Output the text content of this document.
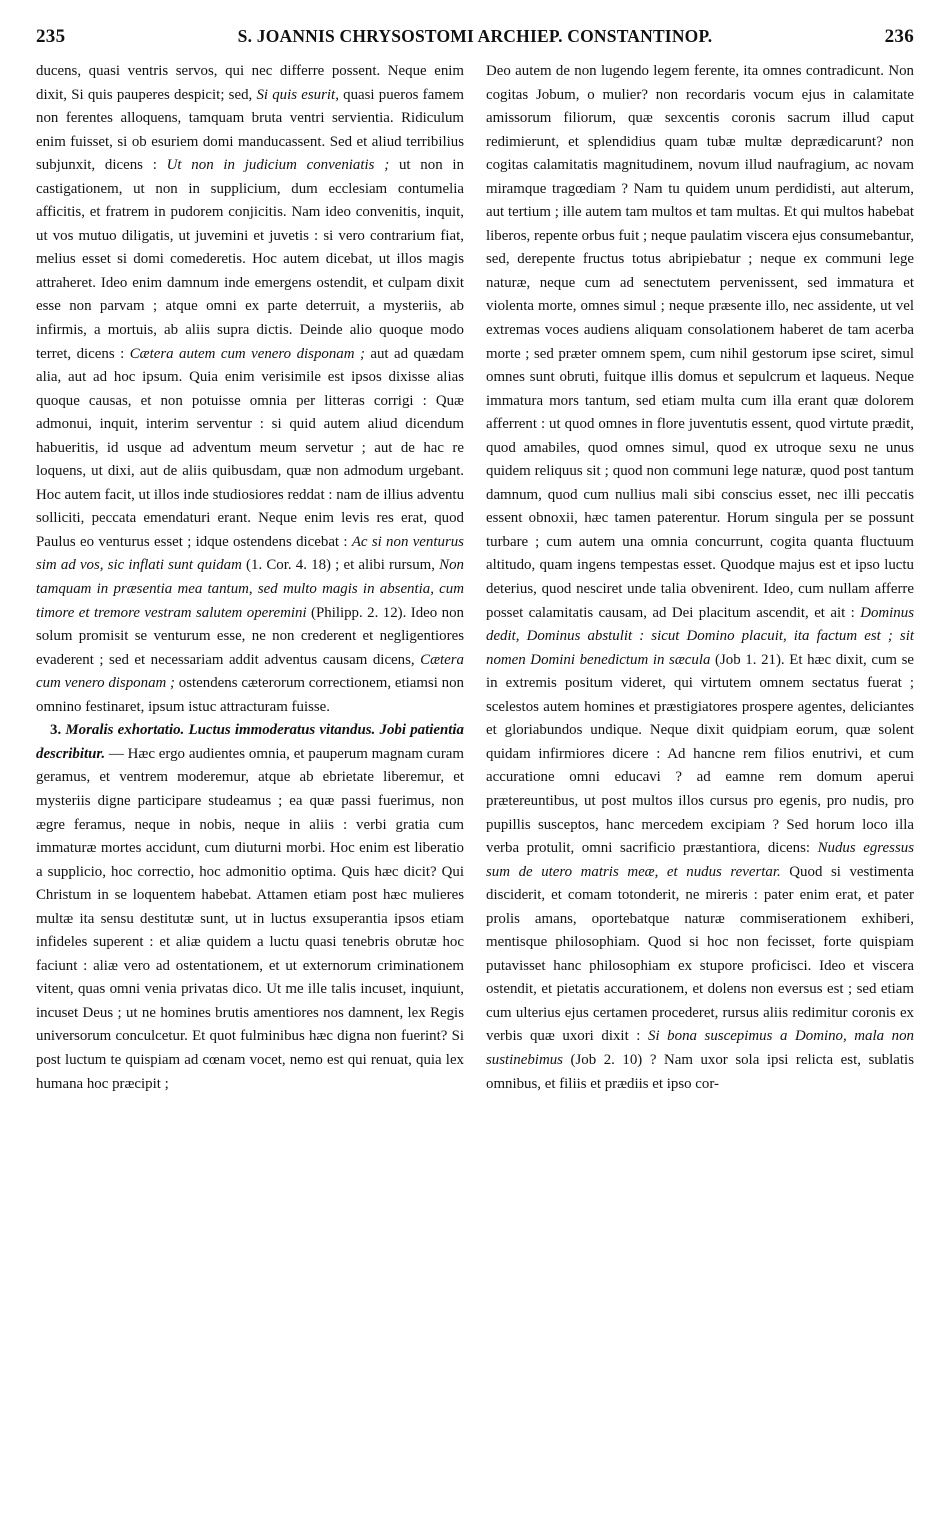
235	S. JOANNIS CHRYSOSTOMI ARCHIEP. CONSTANTINOP.	236

ducens, quasi ventris servos, qui nec differre possent. Neque enim dixit, Si quis pauperes despicit; sed, Si quis esurit, quasi pueros famem non ferentes alloquens, tamquam bruta ventri servientia. Ridiculum enim fuisset, si ob esuriem domi manducassent. Sed et aliud terribilius subjunxit, dicens : Ut non in judicium conveniatis ; ut non in castigationem, ut non in supplicium, dum ecclesiam contumelia afficitis, et fratrem in pudorem conjicitis. Nam ideo convenitis, inquit, ut vos mutuo diligatis, ut juvemini et juvetis : si vero contrarium fiat, melius esset si domi comederetis. Hoc autem dicebat, ut illos magis attraheret. Ideo enim damnum inde emergens ostendit, et culpam dixit esse non parvam ; atque omni ex parte deterruit, a mysteriis, ab infirmis, a mortuis, ab aliis supra dictis. Deinde alio quoque modo terret, dicens : Cætera autem cum venero disponam ; aut ad quædam alia, aut ad hoc ipsum. Quia enim verisimile est ipsos dixisse alias quoque causas, et non potuisse omnia per litteras corrigi : Quæ admonui, inquit, interim serventur : si quid autem aliud dicendum habueritis, id usque ad adventum meum servetur ; aut de hac re loquens, ut dixi, aut de aliis quibusdam, quæ non admodum urgebant. Hoc autem facit, ut illos inde studiosiores reddat : nam de illius adventu solliciti, peccata emendaturi erant. Neque enim levis res erat, quod Paulus eo venturus esset ; idque ostendens dicebat : Ac si non venturus sim ad vos, sic inflati sunt quidam (1. Cor. 4. 18) ; et alibi rursum, Non tamquam in præsentia mea tantum, sed multo magis in absentia, cum timore et tremore vestram salutem operemini (Philipp. 2. 12). Ideo non solum promisit se venturum esse, ne non crederent et negligentiores evaderent ; sed et necessariam addit adventus causam dicens, Cætera cum venero disponam ; ostendens cæterorum correctionem, etiamsi non omnino festinaret, ipsum istuc attracturam fuisse.

3. Moralis exhortatio. Luctus immoderatus vitandus. Jobi patientia describitur. — Hæc ergo audientes omnia, et pauperum magnam curam geramus, et ventrem moderemur, atque ab ebrietate liberemur, et mysteriis digne participare studeamus ; ea quæ passi fuerimus, non ægre feramus, neque in nobis, neque in aliis : verbi gratia cum immaturæ mortes accidunt, cum diuturni morbi. Hoc enim est liberatio a supplicio, hoc correctio, hoc admonitio optima. Quis hæc dicit? Qui Christum in se loquentem habebat. Attamen etiam post hæc mulieres multæ ita sensu destitutæ sunt, ut in luctus exsuperantia ipsos etiam infideles superent : et aliæ quidem a luctu quasi tenebris obrutæ hoc faciunt : aliæ vero ad ostentationem, et ut externorum criminationem vitent, quas omni venia privatas dico. Ut me ille talis incuset, inquiunt, incuset Deus ; ut ne homines brutis amentiores nos damnent, lex Regis universorum conculcetur. Et quot fulminibus hæc digna non fuerint? Si post luctum te quispiam ad cœnam vocet, nemo est qui renuat, quia lex humana hoc præcipit ;

Deo autem de non lugendo legem ferente, ita omnes contradicunt. Non cogitas Jobum, o mulier? non recordaris vocum ejus in calamitate amissorum filiorum, quæ sexcentis coronis sacrum illud caput redimierunt, et splendidius quam tubæ multæ deprædicarunt? non cogitas calamitatis magnitudinem, novum illud naufragium, ac novam miramque tragœdiam ? Nam tu quidem unum perdidisti, aut alterum, aut tertium ; ille autem tam multos et tam multas. Et qui multos habebat liberos, repente orbus fuit ; neque paulatim viscera ejus consumebantur, sed, derepente fructus totus abripiebatur ; neque ex communi lege naturæ, neque cum ad senectutem pervenissent, sed immatura et violenta morte, omnes simul ; neque præsente illo, nec assidente, ut vel extremas voces audiens aliquam consolationem haberet de tam acerba morte ; sed præter omnem spem, cum nihil gestorum ipse sciret, simul omnes sunt obruti, fuitque illis domus et sepulcrum et laqueus. Neque immatura mors tantum, sed etiam multa cum illa erant quæ dolorem afferrent : ut quod omnes in flore juventutis essent, quod virtute prædit, quod amabiles, quod omnes simul, quod ex utroque sexu ne unus quidem reliquus sit ; quod non communi lege naturæ, quod post tantum damnum, quod cum nullius mali sibi conscius esset, nec illi peccatis essent obnoxii, hæc tamen paterentur. Horum singula per se possunt turbare ; cum autem una omnia concurrunt, cogita quanta fluctuum altitudo, quam ingens tempestas esset. Quodque majus est et ipso luctu deterius, quod nesciret unde talia obvenirent. Ideo, cum nullam afferre posset calamitatis causam, ad Dei placitum ascendit, et ait : Dominus dedit, Dominus abstulit : sicut Domino placuit, ita factum est ; sit nomen Domini benedictum in sæcula (Job 1. 21). Et hæc dixit, cum se in extremis positum videret, qui virtutem omnem sectatus fuerat ; scelestos autem homines et præstigiatores prospere agentes, deliciantes et gloriabundos undique. Neque dixit quidpiam eorum, quæ solent quidam infirmiores dicere : Ad hancne rem filios enutrivi, et cum accuratione omni educavi ? ad eamne rem domum aperui prætereuntibus, ut post multos illos cursus pro egenis, pro nudis, pro pupillis susceptos, hanc mercedem excipiam ? Sed horum loco illa verba protulit, omni sacrificio præstantiora, dicens: Nudus egressus sum de utero matris meæ, et nudus revertar. Quod si vestimenta disciderit, et comam totonderit, ne mireris : pater enim erat, et pater prolis amans, oportebatque naturæ commiserationem exhiberi, mentisque philosophiam. Quod si hoc non fecisset, forte quispiam putavisset hanc philosophiam ex stupore proficisci. Ideo et viscera ostendit, et pietatis accurationem, et dolens non eversus est ; sed etiam cum ulterius ejus certamen procederet, rursus aliis redimitur coronis ex verbis quæ uxori dixit : Si bona suscepimus a Domino, mala non sustinebimus (Job 2. 10) ? Nam uxor sola ipsi relicta est, sublatis omnibus, et filiis et prædiis et ipso cor-
